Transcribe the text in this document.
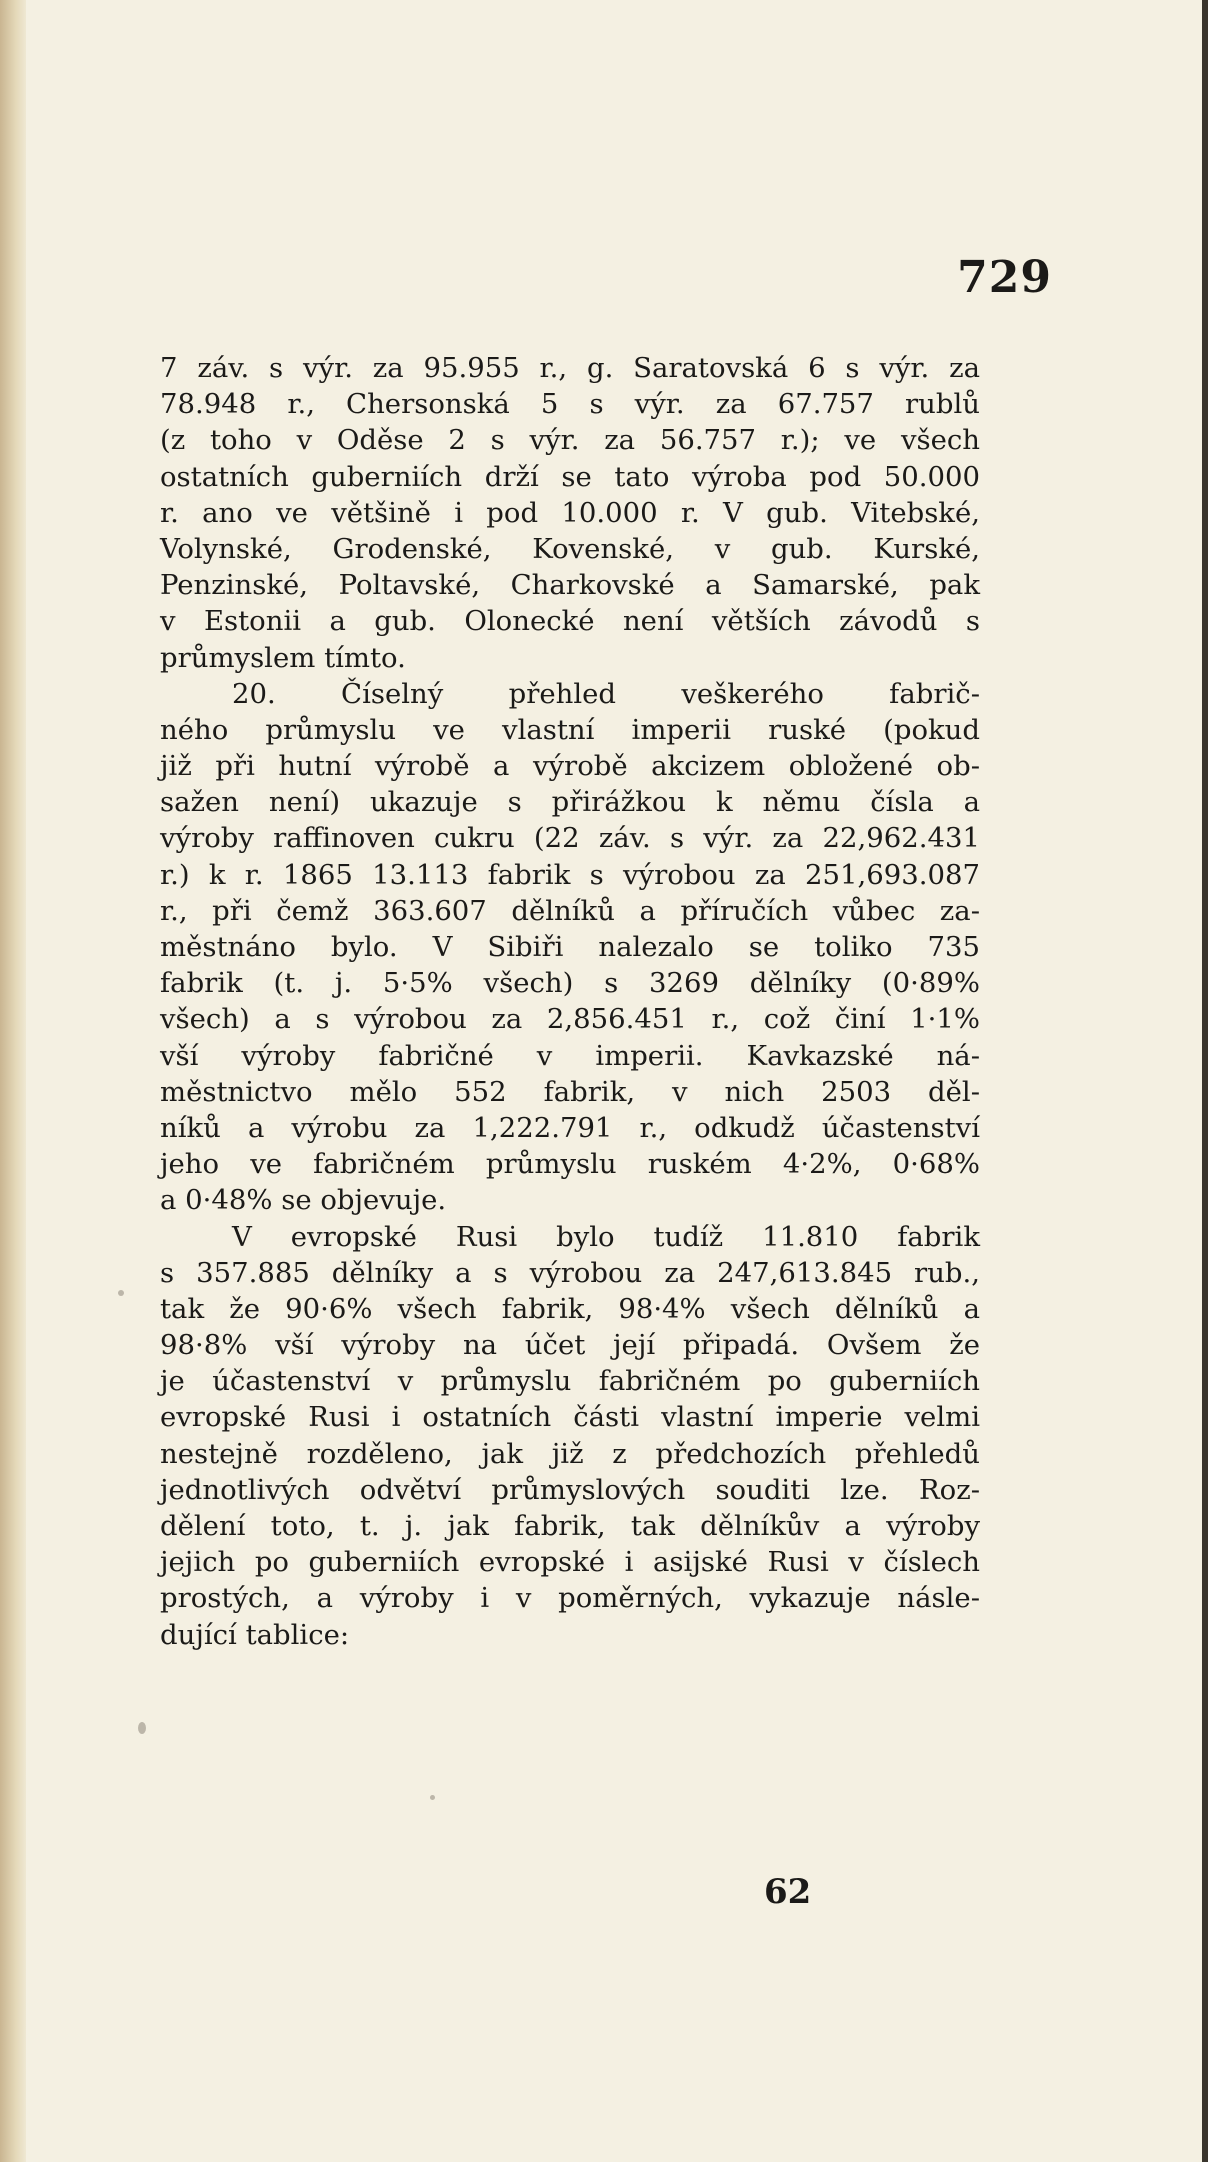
729
7 záv. s výr. za 95.955 r., g. Saratovská 6 s výr. za
78.948 r., Chersonská 5 s výr. za 67.757 rublů
(z toho v Oděse 2 s výr. za 56.757 r.); ve všech
ostatních guberniích drží se tato výroba pod 50.000
r. ano ve většině i pod 10.000 r. V gub. Vitebské,
Volynské, Grodenské, Kovenské, v gub. Kurské,
Penzinské, Poltavské, Charkovské a Samarské, pak
v Estonii a gub. Olonecké není větších závodů s
průmyslem tímto.
20. Číselný přehled veškerého fabrič-
ného průmyslu ve vlastní imperii ruské (pokud
již při hutní výrobě a výrobě akcizem obložené ob-
sažen není) ukazuje s přirážkou k němu čísla a
výroby raffinoven cukru (22 záv. s výr. za 22,962.431
r.) k r. 1865 13.113 fabrik s výrobou za 251,693.087
r., při čemž 363.607 dělníků a příručích vůbec za-
městnáno bylo. V Sibiři nalezalo se toliko 735
fabrik (t. j. 5·5% všech) s 3269 dělníky (0·89%
všech) a s výrobou za 2,856.451 r., což činí 1·1%
vší výroby fabričné v imperii. Kavkazské ná-
městnictvo mělo 552 fabrik, v nich 2503 děl-
níků a výrobu za 1,222.791 r., odkudž účastenství
jeho ve fabričném průmyslu ruském 4·2%, 0·68%
a 0·48% se objevuje.
V evropské Rusi bylo tudíž 11.810 fabrik
s 357.885 dělníky a s výrobou za 247,613.845 rub.,
tak že 90·6% všech fabrik, 98·4% všech dělníků a
98·8% vší výroby na účet její připadá. Ovšem že
je účastenství v průmyslu fabričném po guberniích
evropské Rusi i ostatních části vlastní imperie velmi
nestejně rozděleno, jak již z předchozích přehledů
jednotlivých odvětví průmyslových souditi lze. Roz-
dělení toto, t. j. jak fabrik, tak dělníkův a výroby
jejich po guberniích evropské i asijské Rusi v číslech
prostých, a výroby i v poměrných, vykazuje násle-
dující tablice:
62
